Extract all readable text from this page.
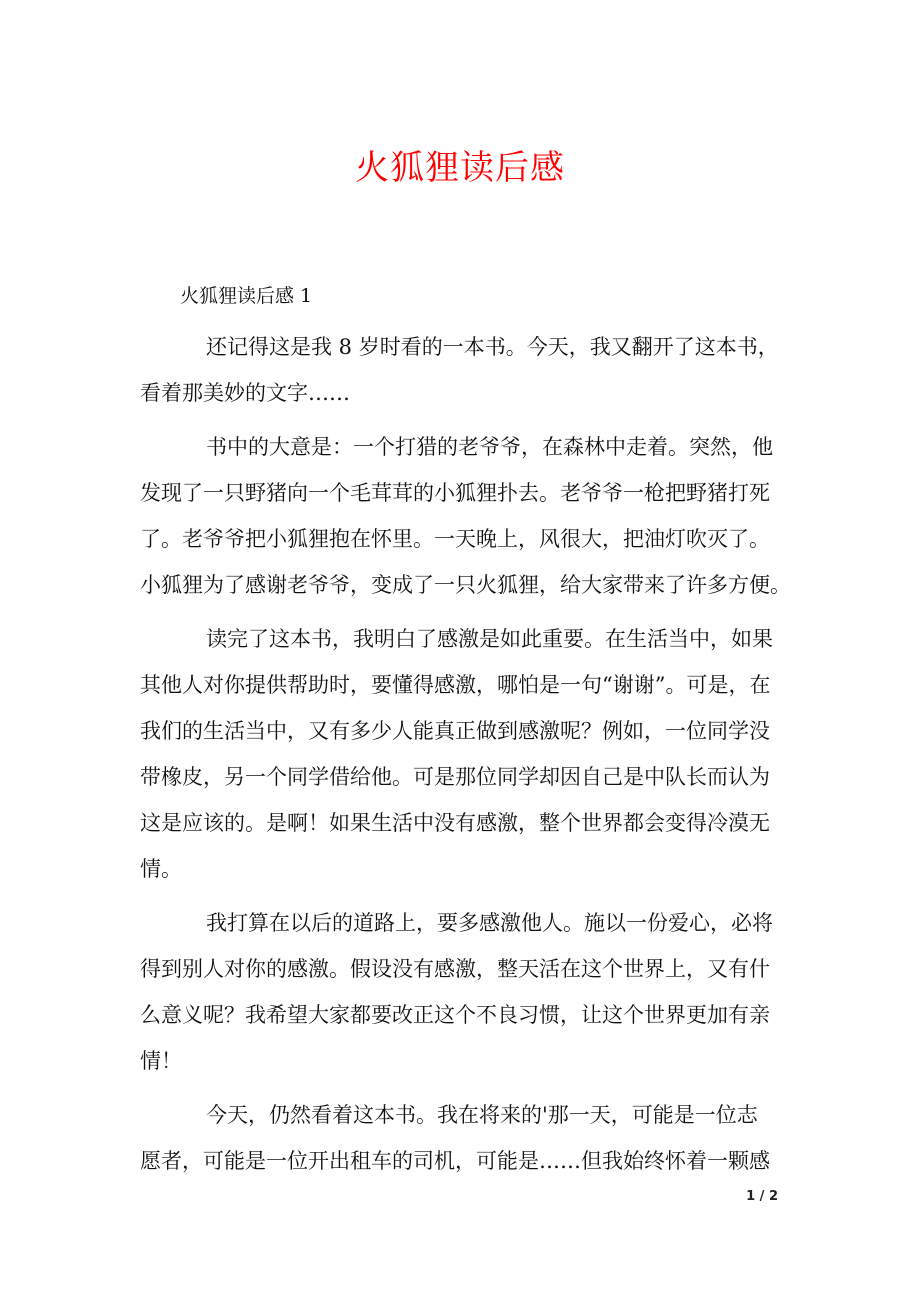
火狐狸读后感
火狐狸读后感 1
还记得这是我 8 岁时看的一本书。今天，我又翻开了这本书，
看着那美妙的文字……
书中的大意是：一个打猎的老爷爷，在森林中走着。突然，他
发现了一只野猪向一个毛茸茸的小狐狸扑去。老爷爷一枪把野猪打死
了。老爷爷把小狐狸抱在怀里。一天晚上，风很大，把油灯吹灭了。
小狐狸为了感谢老爷爷，变成了一只火狐狸，给大家带来了许多方便。
读完了这本书，我明白了感激是如此重要。在生活当中，如果
其他人对你提供帮助时，要懂得感激，哪怕是一句“谢谢”。可是，在
我们的生活当中，又有多少人能真正做到感激呢？例如，一位同学没
带橡皮，另一个同学借给他。可是那位同学却因自己是中队长而认为
这是应该的。是啊！如果生活中没有感激，整个世界都会变得冷漠无
情。
我打算在以后的道路上，要多感激他人。施以一份爱心，必将
得到别人对你的感激。假设没有感激，整天活在这个世界上，又有什
么意义呢？我希望大家都要改正这个不良习惯，让这个世界更加有亲
情！
今天，仍然看着这本书。我在将来的'那一天，可能是一位志
愿者，可能是一位开出租车的司机，可能是……但我始终怀着一颗感
1 / 2
